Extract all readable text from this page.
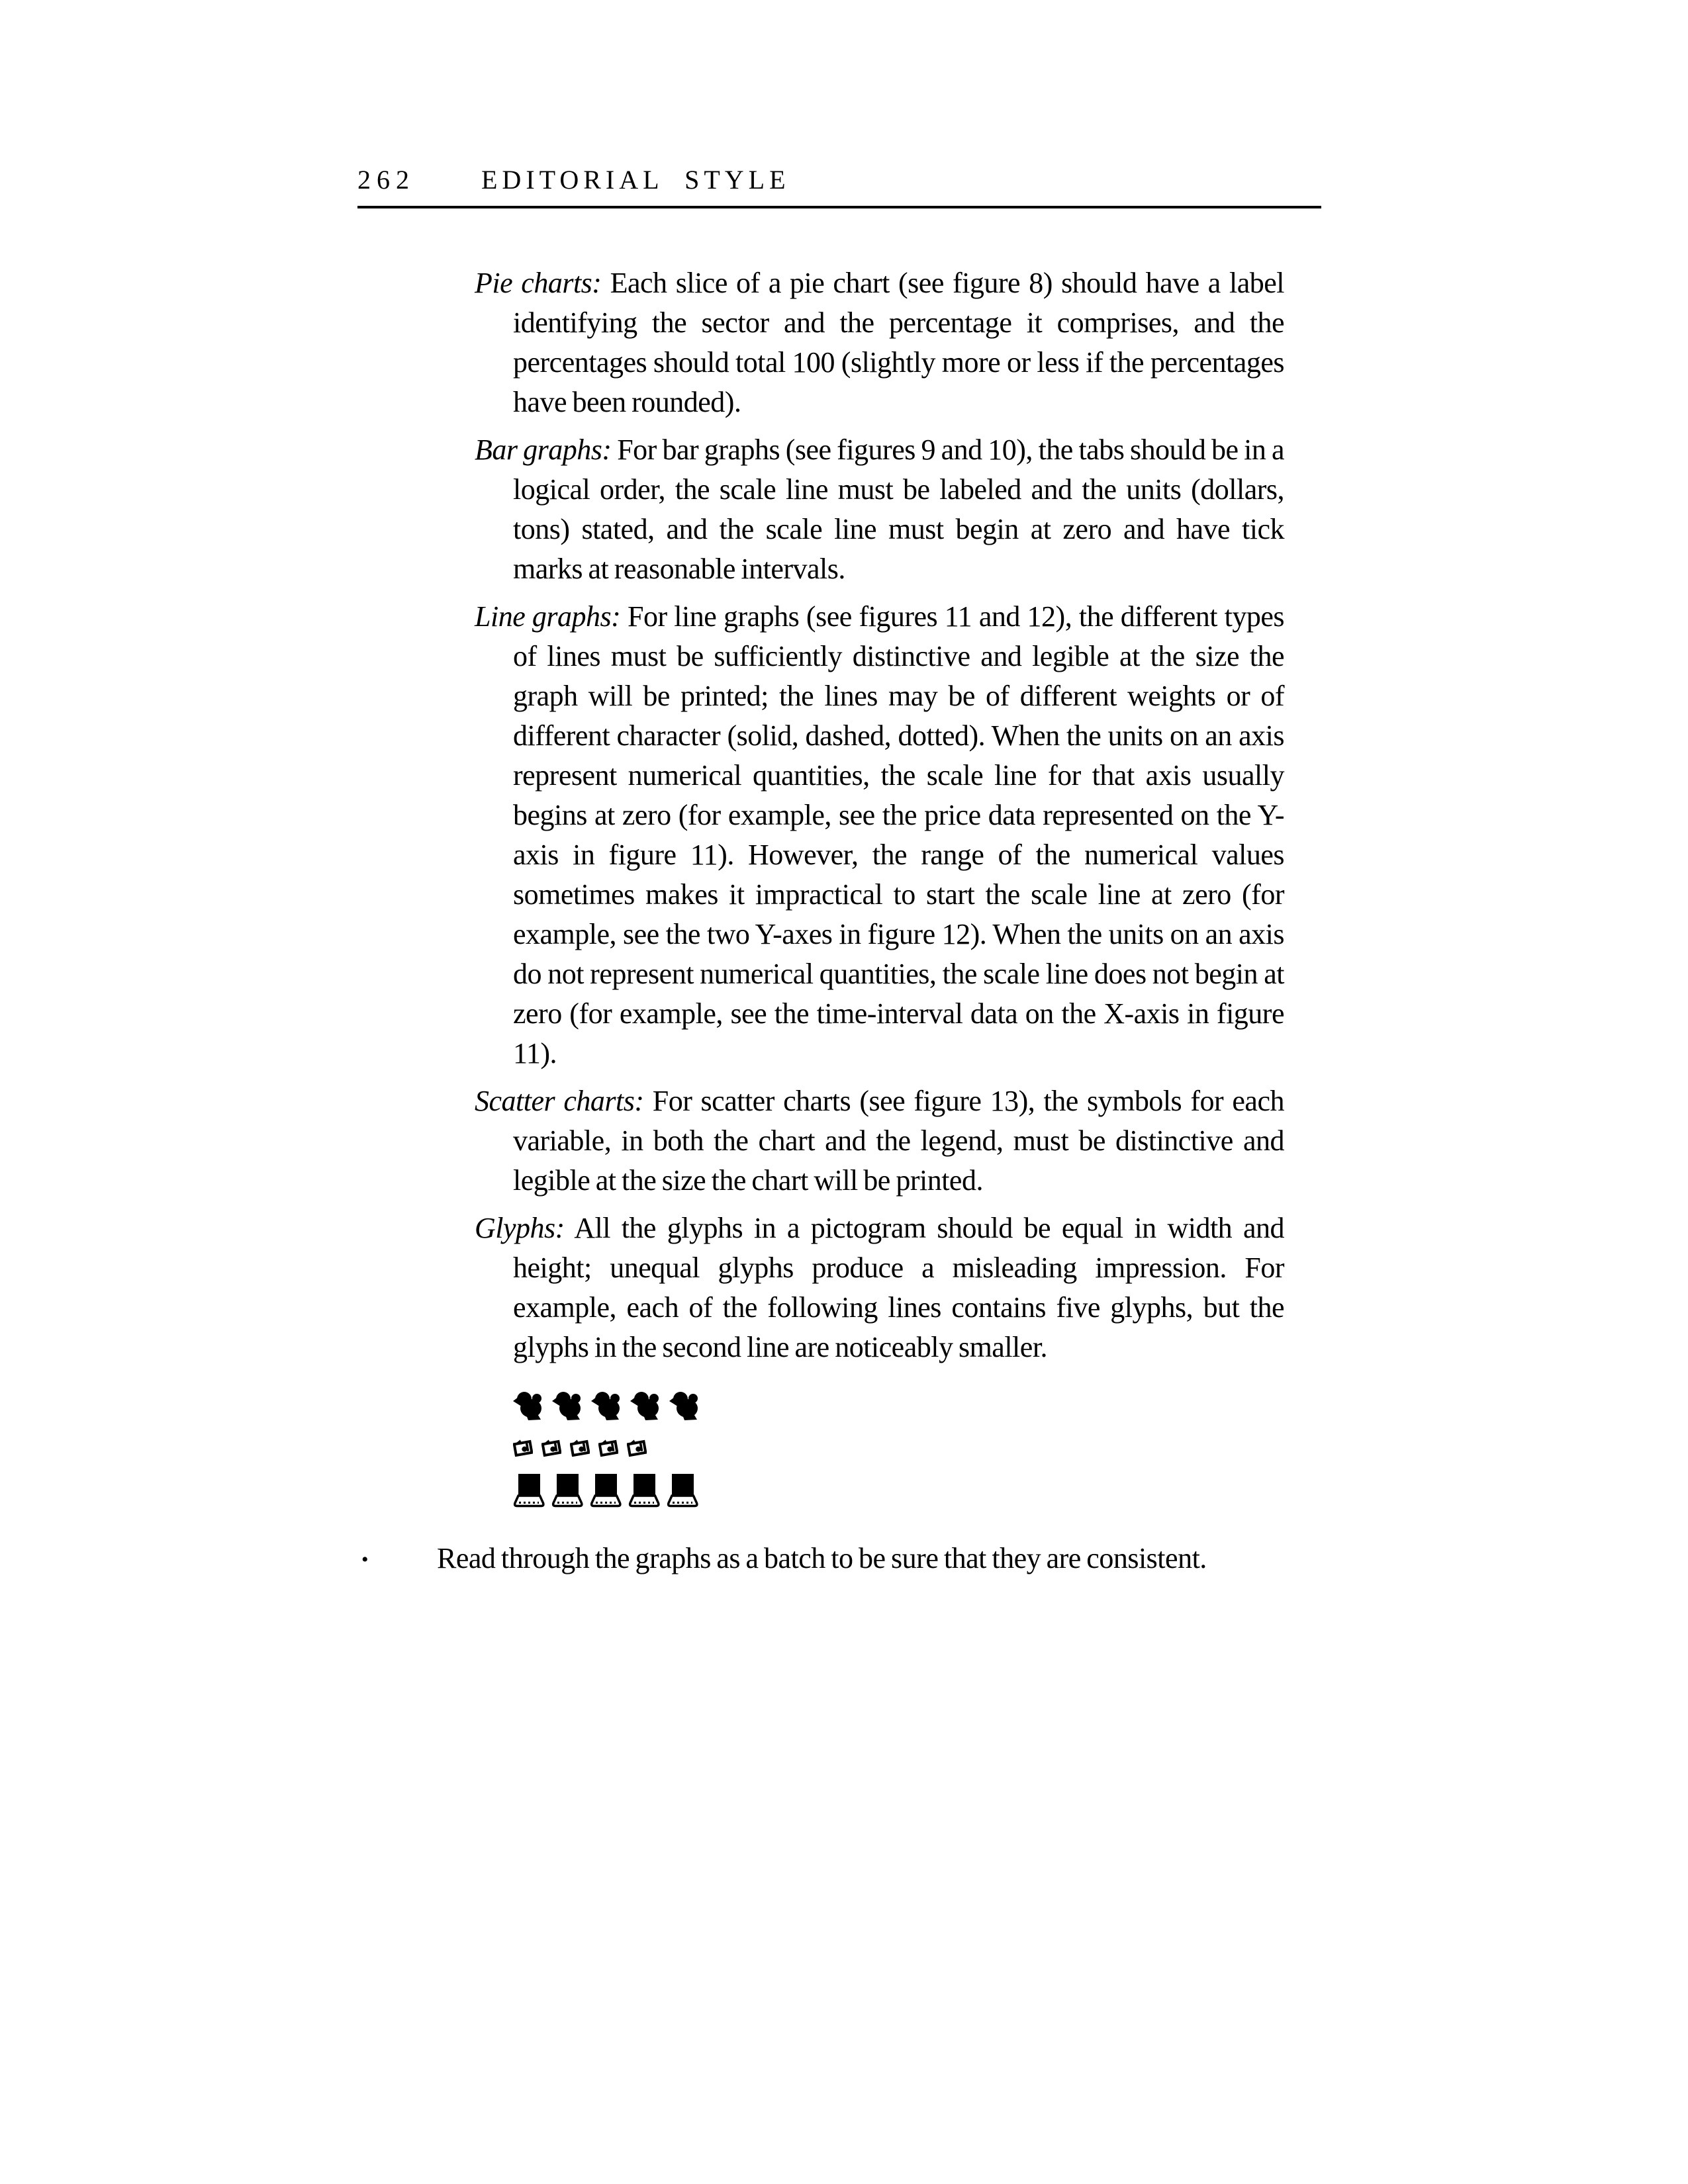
262	EDITORIAL STYLE

Pie charts: Each slice of a pie chart (see figure 8) should have a label identifying the sector and the percentage it comprises, and the percentages should total 100 (slightly more or less if the percentages have been rounded).

Bar graphs: For bar graphs (see figures 9 and 10), the tabs should be in a logical order, the scale line must be labeled and the units (dollars, tons) stated, and the scale line must begin at zero and have tick marks at reasonable intervals.

Line graphs: For line graphs (see figures 11 and 12), the different types of lines must be sufficiently distinctive and legible at the size the graph will be printed; the lines may be of different weights or of different character (solid, dashed, dotted). When the units on an axis represent numerical quantities, the scale line for that axis usually begins at zero (for example, see the price data represented on the Y-axis in figure 11). However, the range of the numerical values sometimes makes it impractical to start the scale line at zero (for example, see the two Y-axes in figure 12). When the units on an axis do not represent numerical quantities, the scale line does not begin at zero (for example, see the time-interval data on the X-axis in figure 11).

Scatter charts: For scatter charts (see figure 13), the symbols for each variable, in both the chart and the legend, must be distinctive and legible at the size the chart will be printed.

Glyphs: All the glyphs in a pictogram should be equal in width and height; unequal glyphs produce a misleading impression. For example, each of the following lines contains five glyphs, but the glyphs in the second line are noticeably smaller.

• Read through the graphs as a batch to be sure that they are consistent.
